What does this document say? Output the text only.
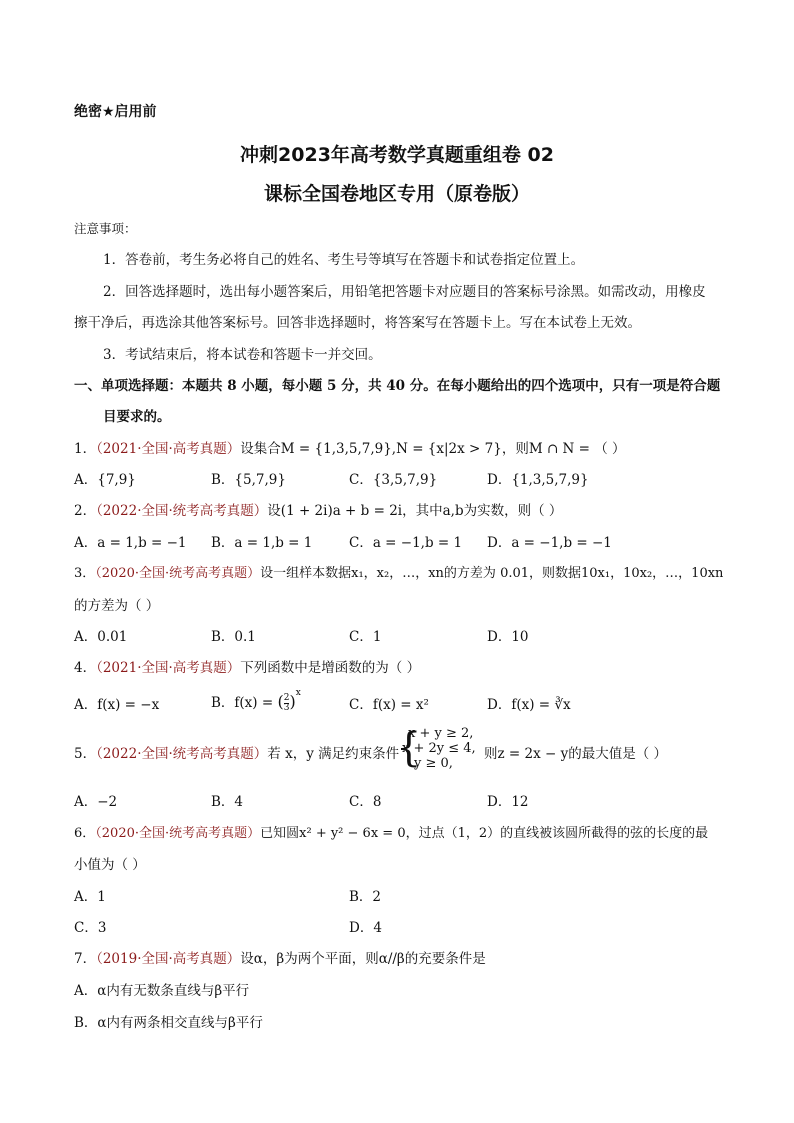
绝密★启用前
冲刺2023年高考数学真题重组卷 02
课标全国卷地区专用（原卷版）
注意事项：
1．答卷前，考生务必将自己的姓名、考生号等填写在答题卡和试卷指定位置上。
2．回答选择题时，选出每小题答案后，用铅笔把答题卡对应题目的答案标号涂黑。如需改动，用橡皮
擦干净后，再选涂其他答案标号。回答非选择题时，将答案写在答题卡上。写在本试卷上无效。
3．考试结束后，将本试卷和答题卡一并交回。
一、单项选择题：本题共 8 小题，每小题 5 分，共 40 分。在每小题给出的四个选项中，只有一项是符合题
目要求的。
1．（2021·全国·高考真题）设集合M = {1,3,5,7,9},N = {x|2x > 7}，则M ∩ N = （ ）
A．{7,9}	B．{5,7,9}	C．{3,5,7,9}	D．{1,3,5,7,9}
2．（2022·全国·统考高考真题）设(1 + 2i)a + b = 2i，其中a,b为实数，则（ ）
A．a = 1,b = −1 B．a = 1,b = 1	C．a = −1,b = 1 D．a = −1,b = −1
3．（2020·全国·统考高考真题）设一组样本数据x₁，x₂，…，xn的方差为 0.01，则数据10x₁，10x₂，…，10xn
的方差为（ ）
A．0.01	B．0.1	C．1	D．10
4．（2021·全国·高考真题）下列函数中是增函数的为（ ）
A．f(x) = −x	B．f(x) = ( $\frac{2}{3} )^x$
C．f(x) = x²	D．f(x) = ∛x
5．（2022·全国·统考高考真题）若 x，y 满足约束条件
{
x + y ≥ 2,
x + 2y ≤ 4,
y ≥ 0,
则z = 2x − y的最大值是（ ）
A．−2	B．4	C．8	D．12
6．（2020·全国·统考高考真题）已知圆x² + y² − 6x = 0，过点（1，2）的直线被该圆所截得的弦的长度的最
小值为（ ）
A．1	B．2
C．3	D．4
7．（2019·全国·高考真题）设α，β为两个平面，则α//β的充要条件是
A．α内有无数条直线与β平行
B．α内有两条相交直线与β平行
